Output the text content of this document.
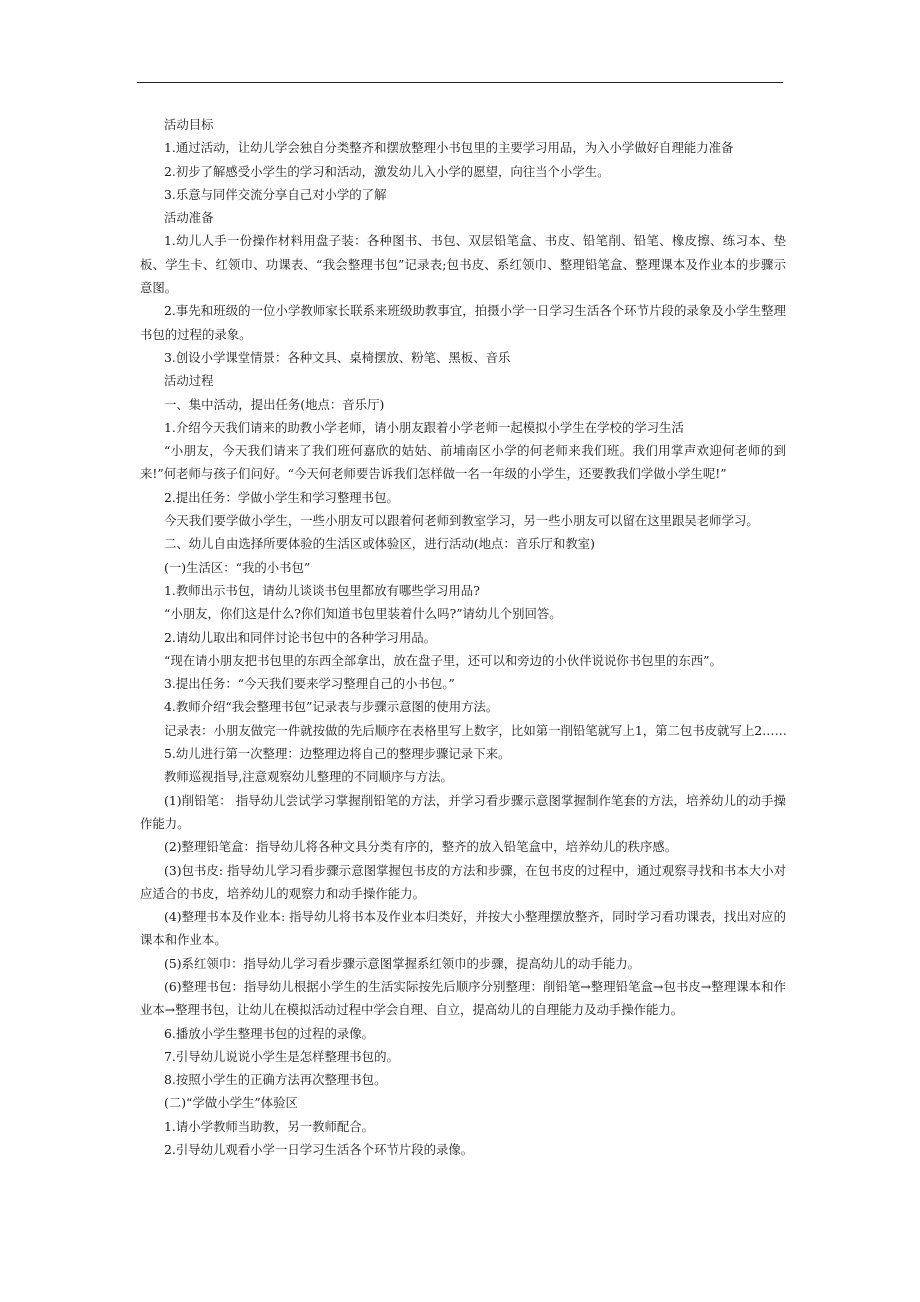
活动目标

1.通过活动，让幼儿学会独自分类整齐和摆放整理小书包里的主要学习用品，为入小学做好自理能力准备

2.初步了解感受小学生的学习和活动，激发幼儿入小学的愿望，向往当个小学生。

3.乐意与同伴交流分享自己对小学的了解

活动准备

1.幼儿人手一份操作材料用盘子装：各种图书、书包、双层铅笔盒、书皮、铅笔削、铅笔、橡皮擦、练习本、垫板、学生卡、红领巾、功课表、“我会整理书包”记录表;包书皮、系红领巾、整理铅笔盒、整理课本及作业本的步骤示意图。

2.事先和班级的一位小学教师家长联系来班级助教事宜，拍摄小学一日学习生活各个环节片段的录象及小学生整理书包的过程的录象。

3.创设小学课堂情景：各种文具、桌椅摆放、粉笔、黑板、音乐

活动过程

一、集中活动，提出任务(地点：音乐厅)

1.介绍今天我们请来的助教小学老师，请小朋友跟着小学老师一起模拟小学生在学校的学习生活

“小朋友，今天我们请来了我们班何嘉欣的姑姑、前埔南区小学的何老师来我们班。我们用掌声欢迎何老师的到来!”何老师与孩子们问好。“今天何老师要告诉我们怎样做一名一年级的小学生，还要教我们学做小学生呢!”

2.提出任务：学做小学生和学习整理书包。

今天我们要学做小学生，一些小朋友可以跟着何老师到教室学习，另一些小朋友可以留在这里跟吴老师学习。

二、幼儿自由选择所要体验的生活区或体验区，进行活动(地点：音乐厅和教室)

(一)生活区：“我的小书包”

1.教师出示书包，请幼儿谈谈书包里都放有哪些学习用品?

“小朋友，你们这是什么?你们知道书包里装着什么吗?”请幼儿个别回答。

2.请幼儿取出和同伴讨论书包中的各种学习用品。

“现在请小朋友把书包里的东西全部拿出，放在盘子里，还可以和旁边的小伙伴说说你书包里的东西”。

3.提出任务：“今天我们要来学习整理自己的小书包。”

4.教师介绍“我会整理书包”记录表与步骤示意图的使用方法。

记录表：小朋友做完一件就按做的先后顺序在表格里写上数字，比如第一削铅笔就写上1，第二包书皮就写上2……

5.幼儿进行第一次整理：边整理边将自己的整理步骤记录下来。

教师巡视指导,注意观察幼儿整理的不同顺序与方法。

(1)削铅笔： 指导幼儿尝试学习掌握削铅笔的方法，并学习看步骤示意图掌握制作笔套的方法，培养幼儿的动手操作能力。

(2)整理铅笔盒：指导幼儿将各种文具分类有序的，整齐的放入铅笔盒中，培养幼儿的秩序感。

(3)包书皮: 指导幼儿学习看步骤示意图掌握包书皮的方法和步骤，在包书皮的过程中，通过观察寻找和书本大小对应适合的书皮，培养幼儿的观察力和动手操作能力。

(4)整理书本及作业本: 指导幼儿将书本及作业本归类好，并按大小整理摆放整齐，同时学习看功课表，找出对应的课本和作业本。

(5)系红领巾：指导幼儿学习看步骤示意图掌握系红领巾的步骤，提高幼儿的动手能力。

(6)整理书包：指导幼儿根据小学生的生活实际按先后顺序分别整理：削铅笔→整理铅笔盒→包书皮→整理课本和作业本→整理书包，让幼儿在模拟活动过程中学会自理、自立，提高幼儿的自理能力及动手操作能力。

6.播放小学生整理书包的过程的录像。

7.引导幼儿说说小学生是怎样整理书包的。

8.按照小学生的正确方法再次整理书包。

(二)“学做小学生”体验区

1.请小学教师当助教，另一教师配合。

2.引导幼儿观看小学一日学习生活各个环节片段的录像。
